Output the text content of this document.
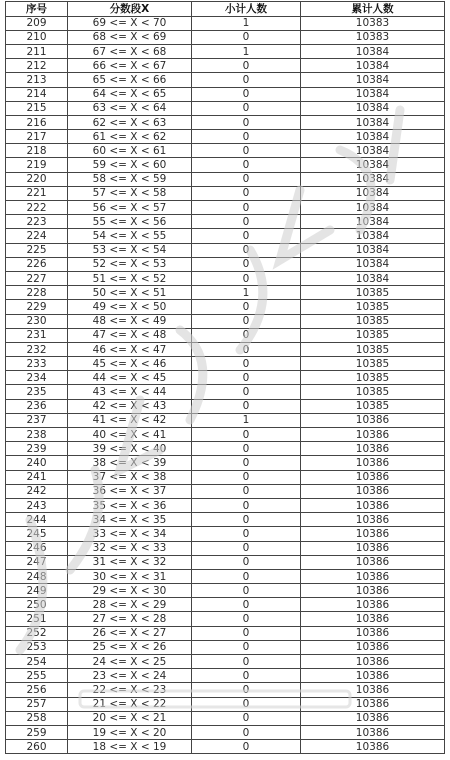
序号	分数段X	小计人数	累计人数
209	69 <= X < 70	1	10383
210	68 <= X < 69	0	10383
211	67 <= X < 68	1	10384
212	66 <= X < 67	0	10384
213	65 <= X < 66	0	10384
214	64 <= X < 65	0	10384
215	63 <= X < 64	0	10384
216	62 <= X < 63	0	10384
217	61 <= X < 62	0	10384
218	60 <= X < 61	0	10384
219	59 <= X < 60	0	10384
220	58 <= X < 59	0	10384
221	57 <= X < 58	0	10384
222	56 <= X < 57	0	10384
223	55 <= X < 56	0	10384
224	54 <= X < 55	0	10384
225	53 <= X < 54	0	10384
226	52 <= X < 53	0	10384
227	51 <= X < 52	0	10384
228	50 <= X < 51	1	10385
229	49 <= X < 50	0	10385
230	48 <= X < 49	0	10385
231	47 <= X < 48	0	10385
232	46 <= X < 47	0	10385
233	45 <= X < 46	0	10385
234	44 <= X < 45	0	10385
235	43 <= X < 44	0	10385
236	42 <= X < 43	0	10385
237	41 <= X < 42	1	10386
238	40 <= X < 41	0	10386
239	39 <= X < 40	0	10386
240	38 <= X < 39	0	10386
241	37 <= X < 38	0	10386
242	36 <= X < 37	0	10386
243	35 <= X < 36	0	10386
244	34 <= X < 35	0	10386
245	33 <= X < 34	0	10386
246	32 <= X < 33	0	10386
247	31 <= X < 32	0	10386
248	30 <= X < 31	0	10386
249	29 <= X < 30	0	10386
250	28 <= X < 29	0	10386
251	27 <= X < 28	0	10386
252	26 <= X < 27	0	10386
253	25 <= X < 26	0	10386
254	24 <= X < 25	0	10386
255	23 <= X < 24	0	10386
256	22 <= X < 23	0	10386
257	21 <= X < 22	0	10386
258	20 <= X < 21	0	10386
259	19 <= X < 20	0	10386
260	18 <= X < 19	0	10386
